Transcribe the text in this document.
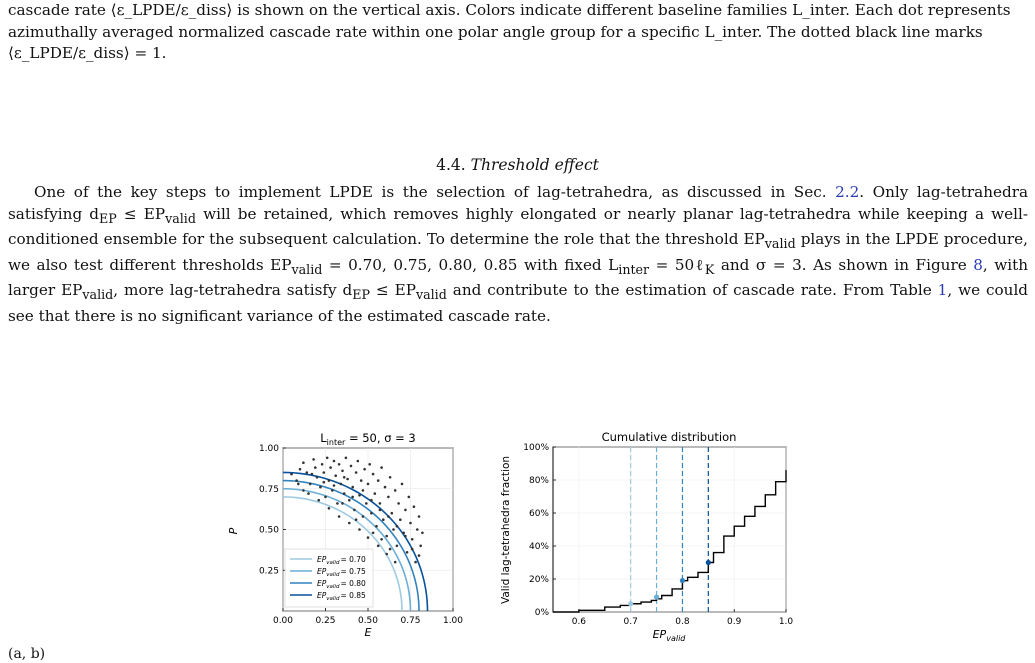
cascade rate ⟨ε_LPDE/ε_diss⟩ is shown on the vertical axis. Colors indicate different baseline families L_inter. Each dot represents
azimuthally averaged normalized cascade rate within one polar angle group for a specific L_inter. The dotted black line marks
⟨ε_LPDE/ε_diss⟩ = 1.
4.4. Threshold effect
One of the key steps to implement LPDE is the selection of lag-tetrahedra, as discussed in Sec. 2.2. Only lag-tetrahedra satisfying $d_{EP} \le EP_{valid}$ will be retained, which removes highly elongated or nearly planar lag-tetrahedra while keeping a well-conditioned ensemble for the subsequent calculation. To determine the role that the threshold $EP_{valid}$ plays in the LPDE procedure, we also test different thresholds $EP_{valid} = 0.70$, 0.75, 0.80, 0.85 with fixed $L_{inter}$ = 50ℓ$_K$ and σ = 3. As shown in Figure 8, with larger $EP_{valid}$, more lag-tetrahedra satisfy $d_{EP} \le EP_{valid}$ and contribute to the estimation of cascade rate. From Table 1, we could see that there is no significant variance of the estimated cascade rate.
$L_{inter} = 50$, σ = 3
0.00 0.25 0.50 0.75 1.00
0.25
0.50
0.75
1.00
E
P
$EP_{valid}= 0.70$
$EP_{valid}= 0.75$
$EP_{valid}= 0.80$
$EP_{valid}= 0.85$
Cumulative distribution
0.6	0.7	0.8	0.9	1.0
0%
20%
40%
60%
80%
100%
$EP_{valid}$
Valid lag-tetrahedra fraction
(a, b)
